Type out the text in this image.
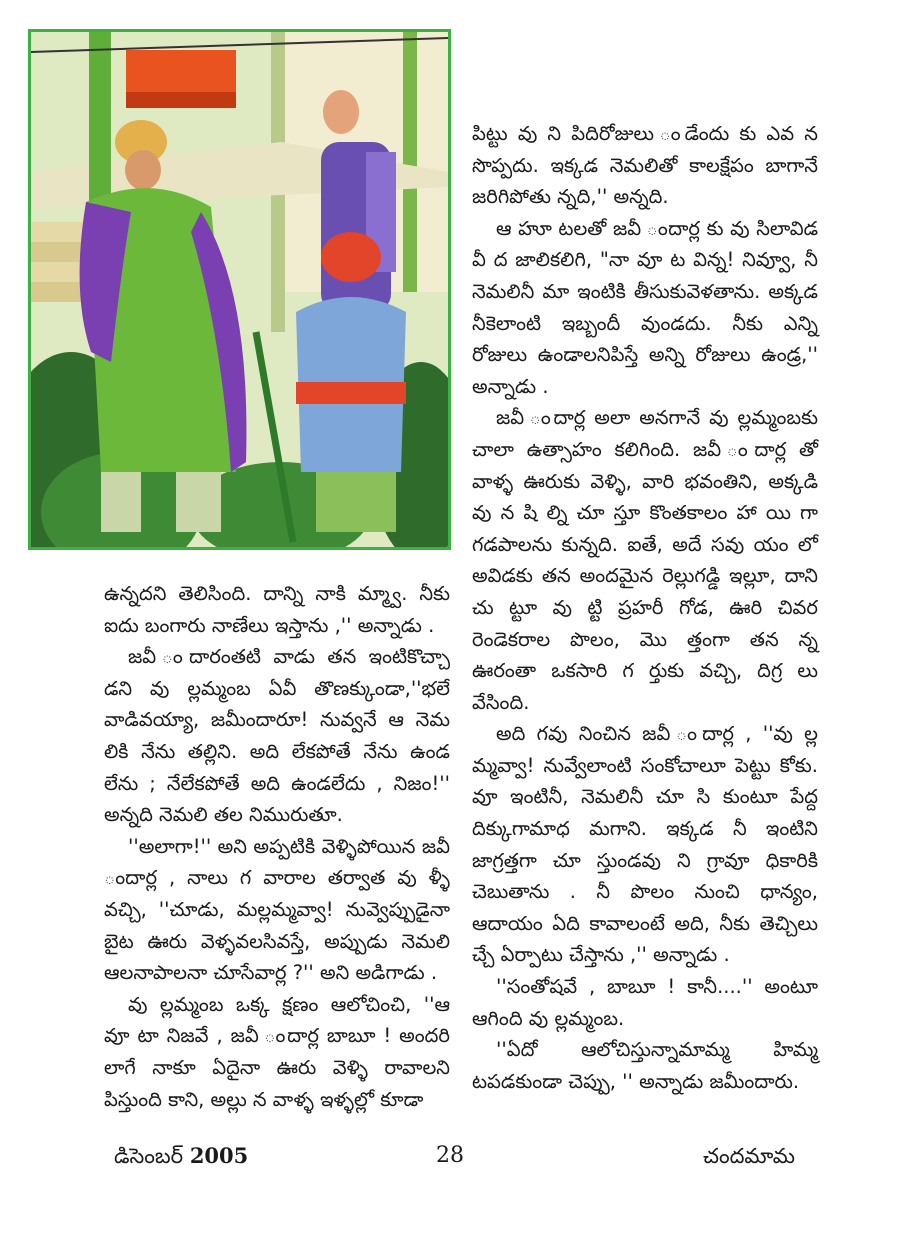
పిట్టు వు ని పిదిరోజులు ండేందు కు ఎవ న సొప్పదు. ఇక్కడ నెమలితో కాలక్షేపం బాగానే జరిగిపోతు న్నది,'' అన్నది.

ఆ హూ టలతో జవీ ందార్ల కు వు సిలావిడ వీ ద జాలికలిగి, "నా వూ ట విన్న! నివ్వూ, నీ నెమలినీ మా ఇంటికి తీసుకువెళతాను. అక్కడ నీకెలాంటి ఇబ్బందీ వుండదు. నీకు ఎన్ని రోజులు ఉండాలనిపిస్తే అన్ని రోజులు ఉండ్ర,'' అన్నాడు .

జవీ ందార్ల అలా అనగానే వు ల్లమ్మంబకు చాలా ఉత్సాహం కలిగింది. జవీ ందార్ల తో వాళ్ళ ఊరుకు వెళ్ళి, వారి భవంతిని, అక్కడి వు న షి ల్ని చూ స్తూ కొంతకాలం హా యి గా గడపాలను కున్నది. ఐతే, అదే సవు యం లో అవిడకు తన అందమైన రెల్లుగడ్డి ఇల్లూ, దాని చు ట్టూ వు ట్టి ప్రహరీ గోడ, ఊరి చివర రెండెకరాల పొలం, మొ త్తంగా తన న్న ఊరంతా ఒకసారి గ ర్తుకు వచ్చి, దిగ్ర లు వేసింది.

అది గవు నించిన జవీ ందార్ల , ''వు ల్ల మ్మవ్వా! నువ్వేలాంటి సంకోచాలూ పెట్టు కోకు. వూ ఇంటినీ, నెమలినీ చూ సి కుంటూ పేద్ద దిక్కుగామాధ మగాని. ఇక్కడ నీ ఇంటిని జాగ్రత్తగా చూ స్తుండవు ని గ్రావూ ధికారికి చెబుతాను . నీ పొలం నుంచి ధాన్యం, ఆదాయం ఏది కావాలంటే అది, నీకు తెచ్చిలు చ్చే ఏర్పాటు చేస్తాను ,'' అన్నాడు .

''సంతోషవే , బాబూ ! కానీ....'' అంటూ ఆగింది వు ల్లమ్మంబ.

''ఏదో ఆలోచిస్తున్నామామ్మ హిమ్మ టపడకుండా చెప్పు, '' అన్నాడు జమీందారు.

ఉన్నదని తెలిసింది. దాన్ని నాకి మ్మ్వా. నీకు ఐదు బంగారు నాణేలు ఇస్తాను ,'' అన్నాడు .

జవీ ందారంతటి వాడు తన ఇంటికొచ్చా డని వు ల్లమ్మంబ ఏవీ తొణక్కుండా,''భలే వాడివయ్యా, జమీందారూ! నువ్వనే ఆ నెమ లికి నేను తల్లిని. అది లేకపోతే నేను ఉండ లేను ; నేలేకపోతే అది ఉండలేదు , నిజం!'' అన్నది నెమలి తల నిమురుతూ.

''అలాగా!'' అని అప్పటికి వెళ్ళిపోయిన జవీ ందార్ల , నాలు గ వారాల తర్వాత వు ళ్ళీ వచ్చి, ''చూడు, మల్లమ్మవ్వా! నువ్వెప్పుడైనా బైట ఊరు వెళ్ళవలసివస్తే, అప్పుడు నెమలి ఆలనాపాలనా చూసేవార్ల ?'' అని అడిగాడు .

వు ల్లమ్మంబ ఒక్క క్షణం ఆలోచించి, ''ఆ వూ టా నిజవే , జవీ ందార్ల బాబూ ! అందరి లాగే నాకూ ఏదైనా ఊరు వెళ్ళి రావాలని పిస్తుంది కాని, అల్లు న వాళ్ళ ఇళ్ళల్లో కూడా

డిసెంబర్ 2005	28	చందమామ
